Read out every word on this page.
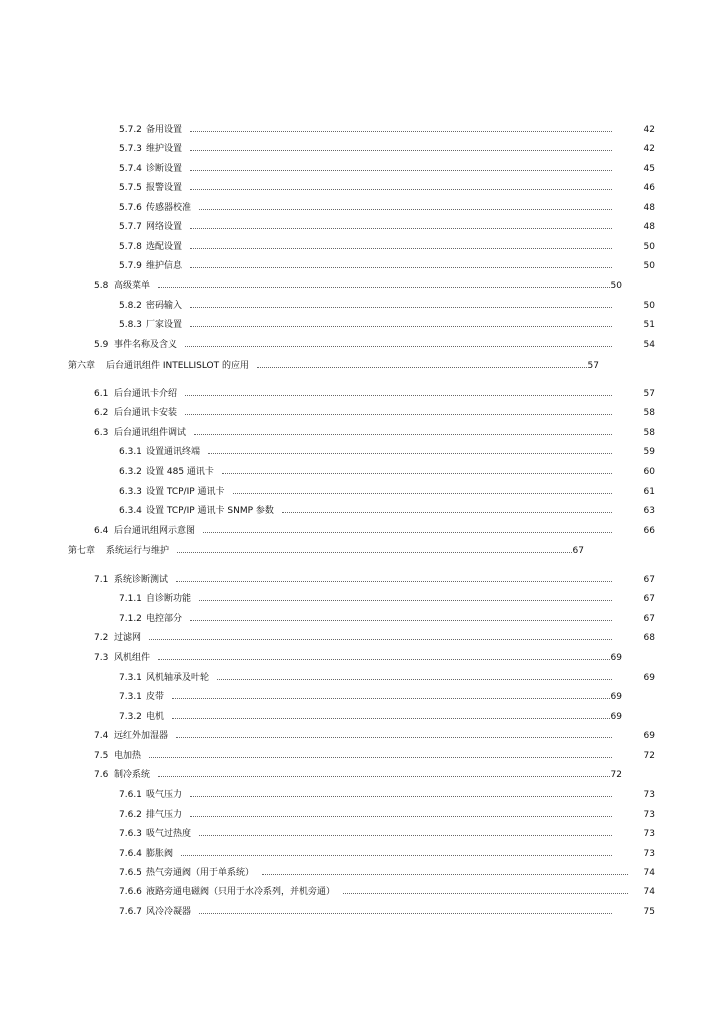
5.7.2 备用设置	42
5.7.3 维护设置	42
5.7.4 诊断设置	45
5.7.5 报警设置	46
5.7.6 传感器校准	48
5.7.7 网络设置	48
5.7.8 选配设置	50
5.7.9 维护信息	50
5.8 高级菜单	50
5.8.2 密码输入	50
5.8.3 厂家设置	51
5.9 事件名称及含义	54
第六章 后台通讯组件 INTELLISLOT 的应用	57
6.1 后台通讯卡介绍	57
6.2 后台通讯卡安装	58
6.3 后台通讯组件调试	58
6.3.1 设置通讯终端	59
6.3.2 设置 485 通讯卡	60
6.3.3 设置 TCP/IP 通讯卡	61
6.3.4 设置 TCP/IP 通讯卡 SNMP 参数	63
6.4 后台通讯组网示意图	66
第七章 系统运行与维护	67
7.1 系统诊断测试	67
7.1.1 自诊断功能	67
7.1.2 电控部分	67
7.2 过滤网	68
7.3 风机组件	69
7.3.1 风机轴承及叶轮	69
7.3.1 皮带	69
7.3.2 电机	69
7.4 远红外加湿器	69
7.5 电加热	72
7.6 制冷系统	72
7.6.1 吸气压力	73
7.6.2 排气压力	73
7.6.3 吸气过热度	73
7.6.4 膨胀阀	73
7.6.5 热气旁通阀（用于单系统）	74
7.6.6 液路旁通电磁阀（只用于水冷系列，并机旁通）	74
7.6.7 风冷冷凝器	75
